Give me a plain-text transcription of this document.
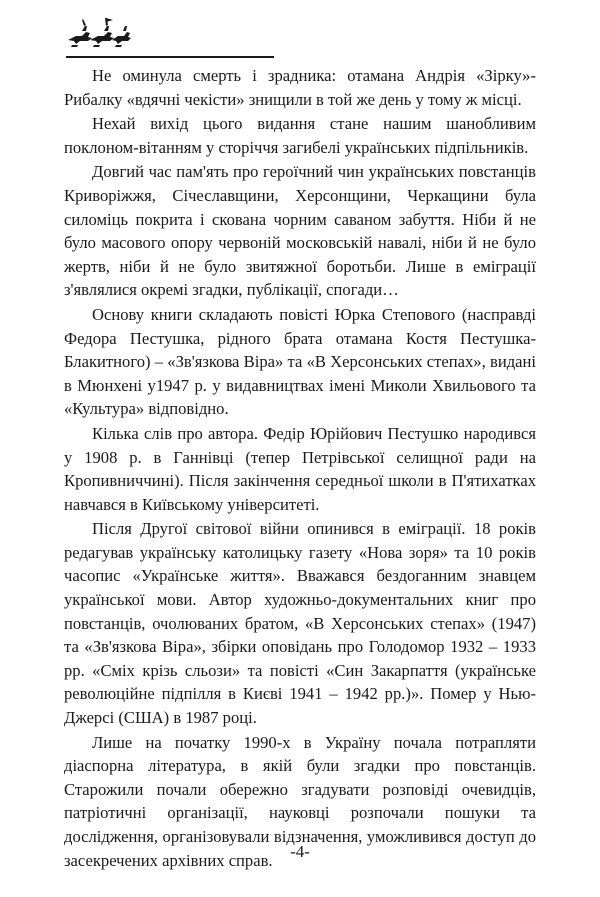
Не оминула смерть і зрадника: отамана Андрія «Зірку»-Рибалку «вдячні чекісти» знищили в той же день у тому ж місці.

Нехай вихід цього видання стане нашим шанобливим поклоном-вітанням у сторіччя загибелі українських підпільників.

Довгий час пам'ять про героїчний чин українських повстанців Криворіжжя, Січеславщини, Херсонщини, Черкащини була силоміць покрита і скована чорним саваном забуття. Ніби й не було масового опору червоній московській навалі, ніби й не було жертв, ніби й не було звитяжної боротьби. Лише в еміграції з'являлися окремі згадки, публікації, спогади…

Основу книги складають повісті Юрка Степового (насправді Федора Пестушка, рідного брата отамана Костя Пестушка-Блакитного) – «Зв'язкова Віра» та «В Херсонських степах», видані в Мюнхені у1947 р. у видавництвах імені Миколи Хвильового та «Культура» відповідно.

Кілька слів про автора. Федір Юрійович Пестушко народився у 1908 р. в Ганнівці (тепер Петрівської селищної ради на Кропивниччині). Після закінчення середньої школи в П'ятихатках навчався в Київському університеті.

Після Другої світової війни опинився в еміграції. 18 років редагував українську католицьку газету «Нова зоря» та 10 років часопис «Українське життя». Вважався бездоганним знавцем української мови. Автор художньо-документальних книг про повстанців, очолюваних братом, «В Херсонських степах» (1947) та «Зв'язкова Віра», збірки оповідань про Голодомор 1932 – 1933 рр. «Сміх крізь сльози» та повісті «Син Закарпаття (українське революційне підпілля в Києві 1941 – 1942 рр.)». Помер у Нью-Джерсі (США) в 1987 році.

Лише на початку 1990-х в Україну почала потрапляти діаспорна література, в якій були згадки про повстанців. Старожили почали обережно згадувати розповіді очевидців, патріотичні організації, науковці розпочали пошуки та дослідження, організовували відзначення, уможливився доступ до засекречених архівних справ.	-4-
